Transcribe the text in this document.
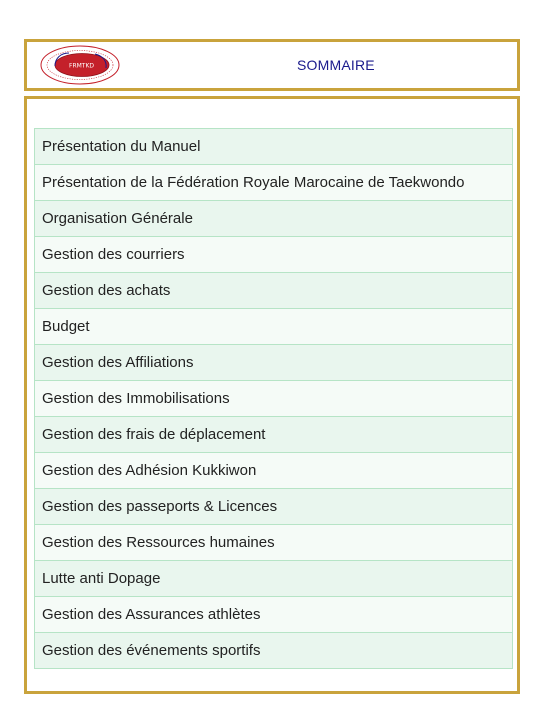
FRMTKD	SOMMAIRE
Présentation du Manuel
Présentation de la Fédération Royale Marocaine de Taekwondo
Organisation Générale
Gestion des courriers
Gestion des achats
Budget
Gestion des Affiliations
Gestion des Immobilisations
Gestion des frais de déplacement
Gestion des Adhésion Kukkiwon
Gestion des passeports & Licences
Gestion des Ressources humaines
Lutte anti Dopage
Gestion des Assurances athlètes
Gestion des événements sportifs
